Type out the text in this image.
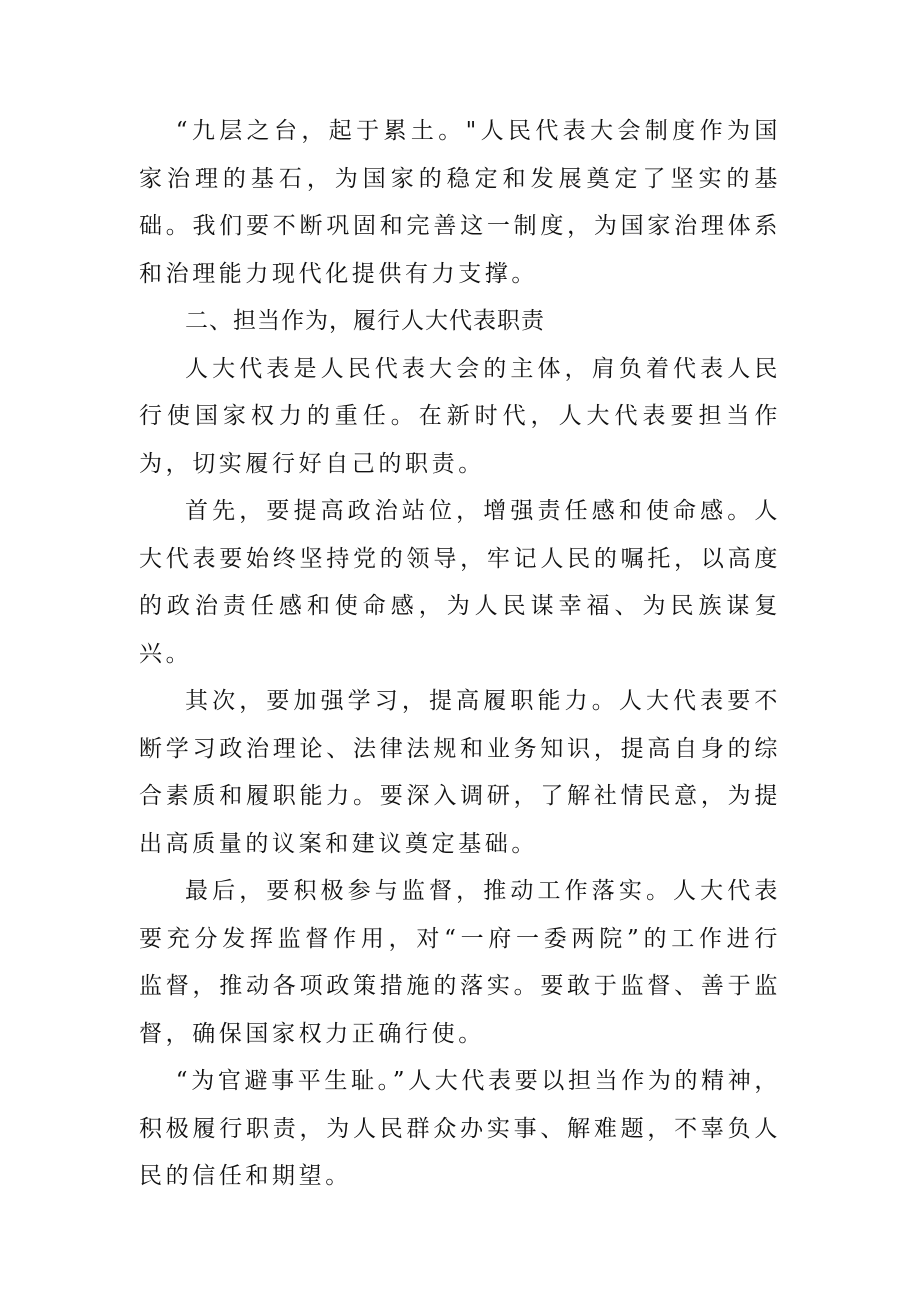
“九层之台，起于累土。"人民代表大会制度作为国家治理的基石，为国家的稳定和发展奠定了坚实的基础。我们要不断巩固和完善这一制度，为国家治理体系和治理能力现代化提供有力支撑。

二、担当作为，履行人大代表职责

人大代表是人民代表大会的主体，肩负着代表人民行使国家权力的重任。在新时代，人大代表要担当作为，切实履行好自己的职责。

首先，要提高政治站位，增强责任感和使命感。人大代表要始终坚持党的领导，牢记人民的嘱托，以高度的政治责任感和使命感，为人民谋幸福、为民族谋复兴。

其次，要加强学习，提高履职能力。人大代表要不断学习政治理论、法律法规和业务知识，提高自身的综合素质和履职能力。要深入调研，了解社情民意，为提出高质量的议案和建议奠定基础。

最后，要积极参与监督，推动工作落实。人大代表要充分发挥监督作用，对“一府一委两院”的工作进行监督，推动各项政策措施的落实。要敢于监督、善于监督，确保国家权力正确行使。

“为官避事平生耻。”人大代表要以担当作为的精神，积极履行职责，为人民群众办实事、解难题，不辜负人民的信任和期望。
